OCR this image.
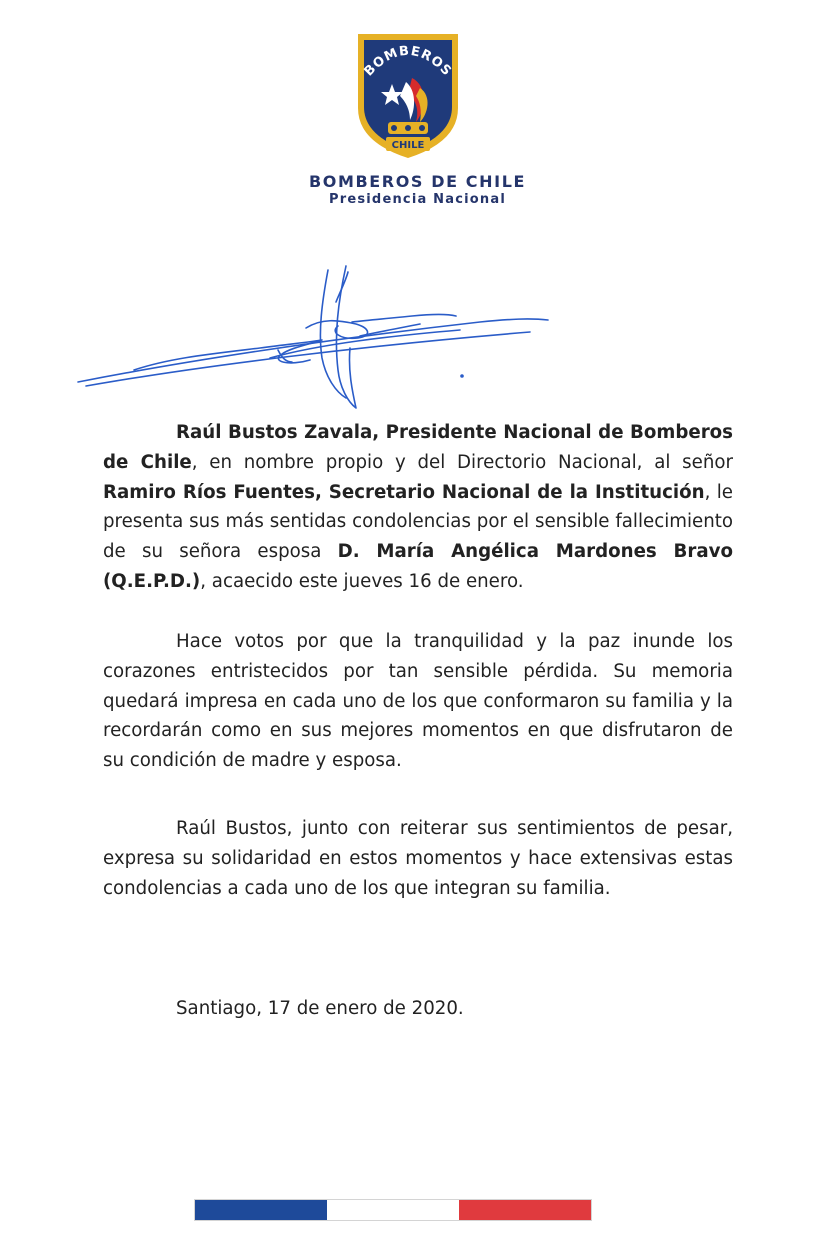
BOMBEROS
CHILE
BOMBEROS DE CHILE
Presidencia Nacional

Raúl Bustos Zavala, Presidente Nacional de Bomberos de Chile, en nombre propio y del Directorio Nacional, al señor Ramiro Ríos Fuentes, Secretario Nacional de la Institución, le presenta sus más sentidas condolencias por el sensible fallecimiento de su señora esposa D. María Angélica Mardones Bravo (Q.E.P.D.), acaecido este jueves 16 de enero.

Hace votos por que la tranquilidad y la paz inunde los corazones entristecidos por tan sensible pérdida. Su memoria quedará impresa en cada uno de los que conformaron su familia y la recordarán como en sus mejores momentos en que disfrutaron de su condición de madre y esposa.

Raúl Bustos, junto con reiterar sus sentimientos de pesar, expresa su solidaridad en estos momentos y hace extensivas estas condolencias a cada uno de los que integran su familia.

Santiago, 17 de enero de 2020.
